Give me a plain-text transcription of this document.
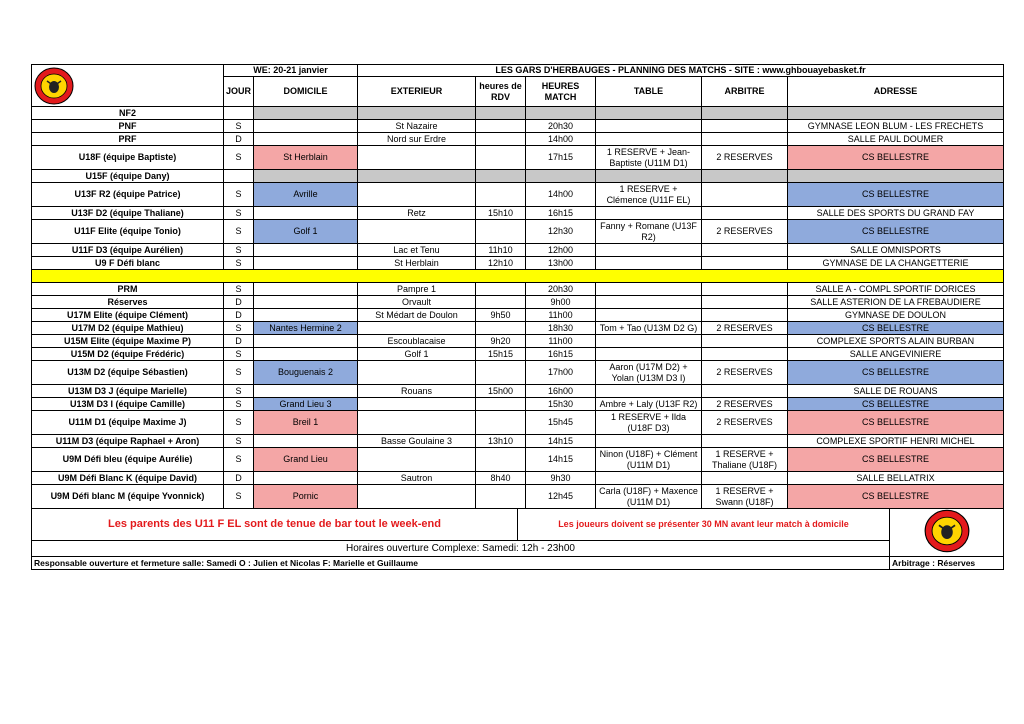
	WE: 20-21 janvier		LES GARS D'HERBAUGES - PLANNING DES MATCHS - SITE : www.ghbouayebasket.fr					
	JOUR	DOMICILE	EXTERIEUR	heures de RDV	HEURES MATCH	TABLE	ARBITRE	ADRESSE
NF2								
PNF	S		St Nazaire		20h30			GYMNASE LEON BLUM - LES FRECHETS
PRF	D		Nord sur Erdre		14h00			SALLE PAUL DOUMER
U18F (équipe Baptiste)	S	St Herblain			17h15	1 RESERVE + Jean-Baptiste (U11M D1)	2 RESERVES	CS BELLESTRE
U15F (équipe Dany)								
U13F R2 (équipe Patrice)	S	Avrille			14h00	1 RESERVE + Clémence (U11F EL)		CS BELLESTRE
U13F D2 (équipe Thaliane)	S		Retz	15h10	16h15			SALLE DES SPORTS DU GRAND FAY
U11F Elite (équipe Tonio)	S	Golf 1			12h30	Fanny + Romane (U13F R2)	2 RESERVES	CS BELLESTRE
U11F D3 (équipe Aurélien)	S		Lac et Tenu	11h10	12h00			SALLE OMNISPORTS
U9 F Défi blanc	S		St Herblain	12h10	13h00			GYMNASE DE LA CHANGETTERIE

PRM	S		Pampre 1		20h30			SALLE A - COMPL SPORTIF DORICES
Réserves	D		Orvault		9h00			SALLE ASTERION DE LA FREBAUDIERE
U17M Elite (équipe Clément)	D		St Médart de Doulon	9h50	11h00			GYMNASE DE DOULON
U17M D2 (équipe Mathieu)	S	Nantes Hermine 2			18h30	Tom + Tao (U13M D2 G)	2 RESERVES	CS BELLESTRE
U15M Elite (équipe Maxime P)	D		Escoublacaise	9h20	11h00			COMPLEXE SPORTS ALAIN BURBAN
U15M D2 (équipe Frédéric)	S		Golf 1	15h15	16h15			SALLE ANGEVINIERE
U13M D2 (équipe Sébastien)	S	Bouguenais 2			17h00	Aaron (U17M D2) + Yolan (U13M D3 I)	2 RESERVES	CS BELLESTRE
U13M D3 J (équipe Marielle)	S		Rouans	15h00	16h00			SALLE DE ROUANS
U13M D3 I (équipe Camille)	S	Grand Lieu 3			15h30	Ambre + Laly (U13F R2)	2 RESERVES	CS BELLESTRE
U11M D1 (équipe Maxime J)	S	Breil 1			15h45	1 RESERVE + Ilda (U18F D3)	2 RESERVES	CS BELLESTRE
U11M D3 (équipe Raphael + Aron)	S		Basse Goulaine 3	13h10	14h15			COMPLEXE SPORTIF HENRI MICHEL
U9M Défi bleu (équipe Aurélie)	S	Grand Lieu			14h15	Ninon (U18F) + Clément (U11M D1)	1 RESERVE + Thaliane (U18F)	CS BELLESTRE
U9M Défi Blanc K (équipe David)	D		Sautron	8h40	9h30			SALLE BELLATRIX
U9M Défi blanc M (équipe Yvonnick)	S	Pornic			12h45	Carla (U18F) + Maxence (U11M D1)	1 RESERVE + Swann (U18F)	CS BELLESTRE
Les parents des U11 F EL sont de tenue de bar tout le week-end	Les joueurs doivent se présenter 30 MN avant leur match à domicile	
Horaires ouverture Complexe: Samedi: 12h - 23h00		
Responsable ouverture et fermeture salle: Samedi O : Julien et Nicolas F: Marielle et Guillaume		Arbitrage : Réserves
